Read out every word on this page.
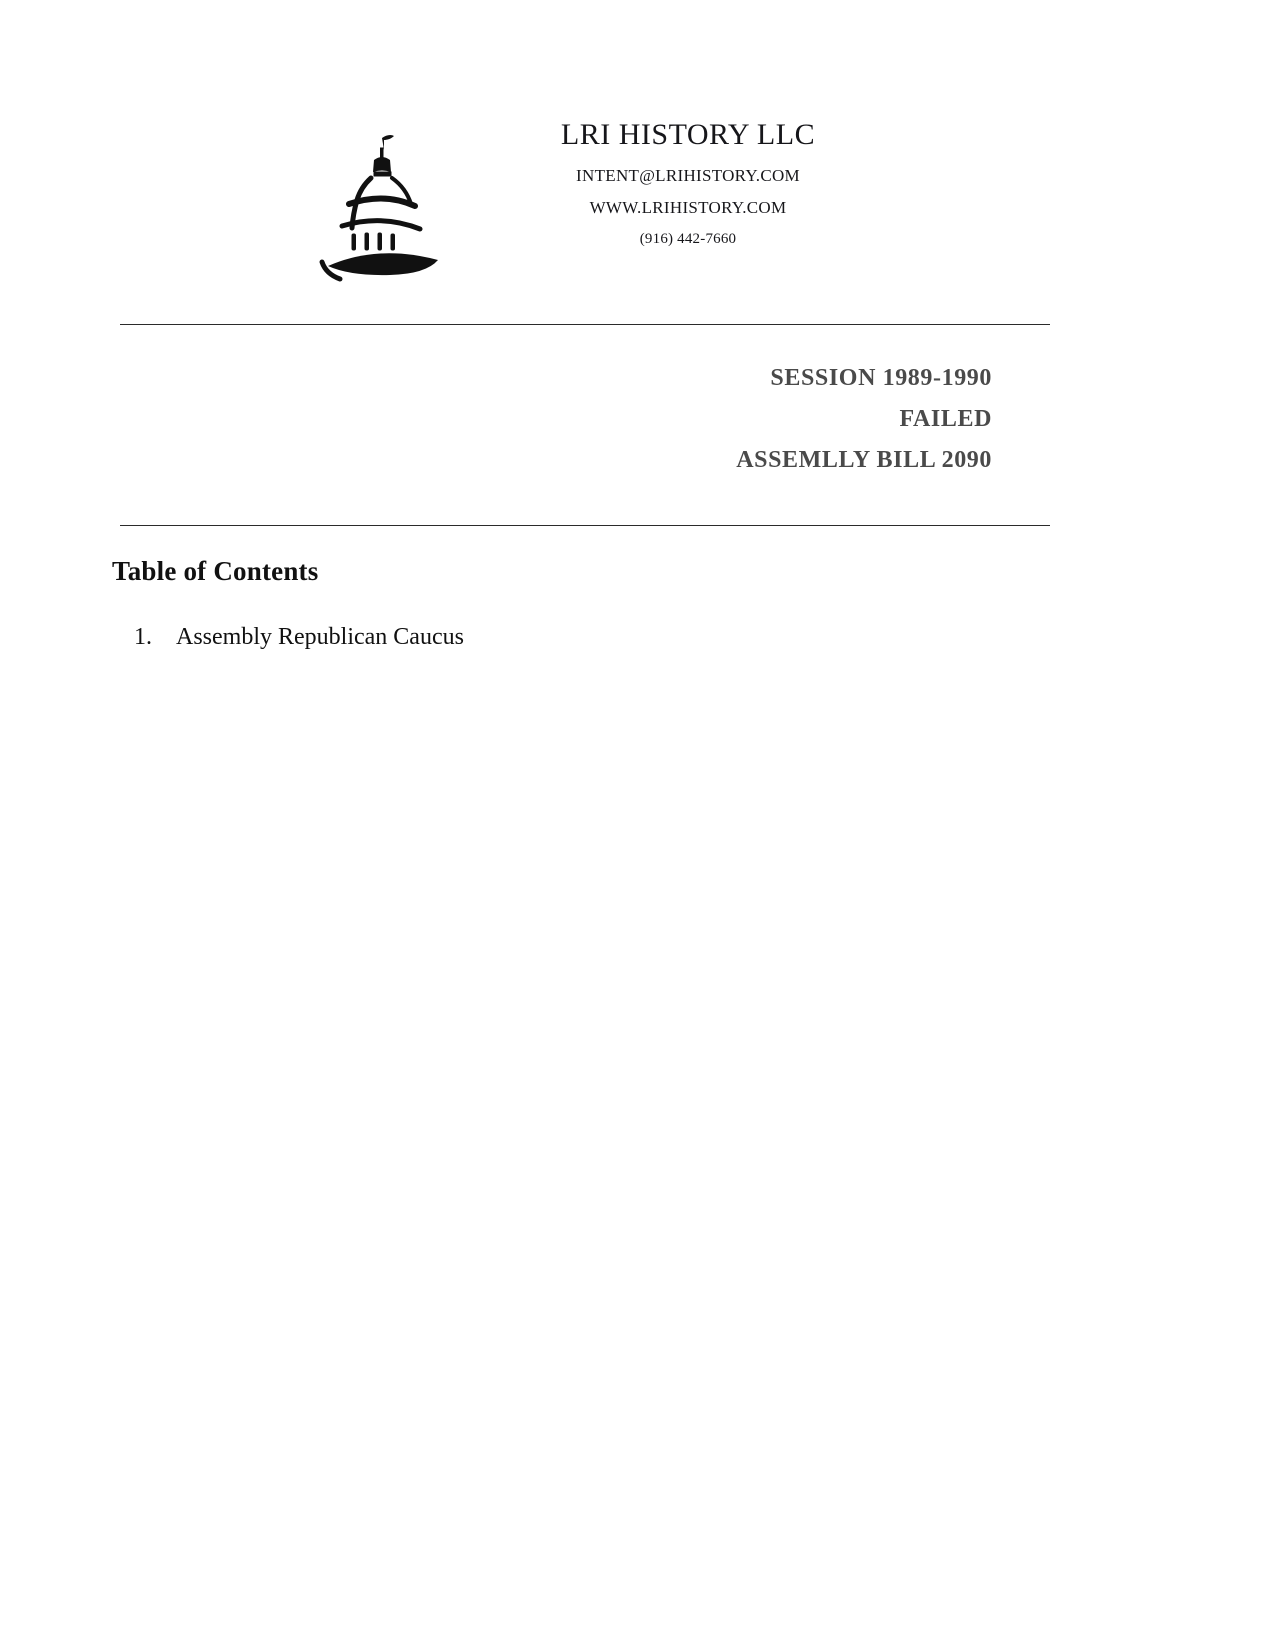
LRI HISTORY LLC
INTENT@LRIHISTORY.COM
WWW.LRIHISTORY.COM
(916) 442-7660
SESSION 1989-1990
FAILED
ASSEMLLY BILL 2090
Table of Contents
1.	Assembly Republican Caucus
